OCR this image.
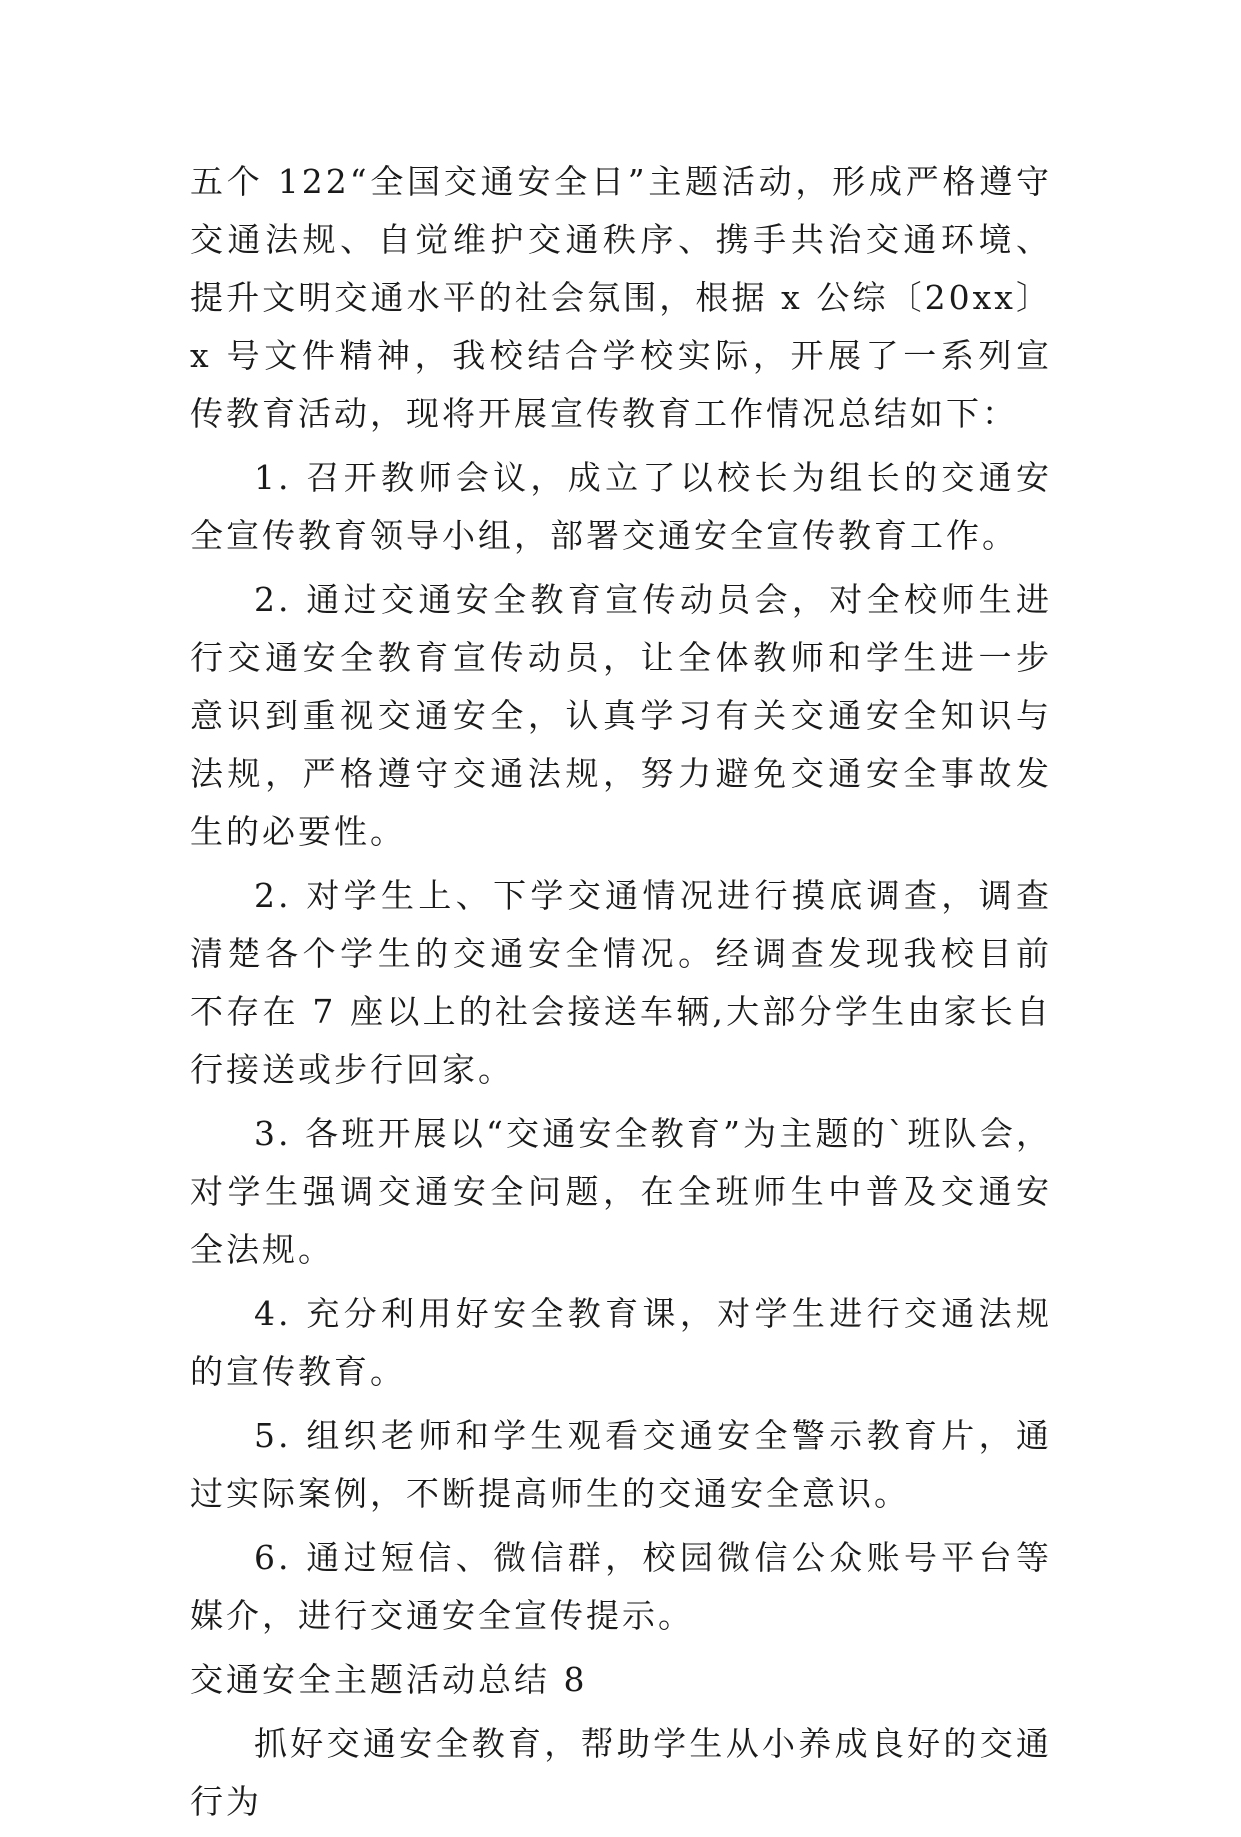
五个 122“全国交通安全日”主题活动，形成严格遵守交通法规、自觉维护交通秩序、携手共治交通环境、提升文明交通水平的社会氛围，根据 x 公综〔20xx〕x 号文件精神，我校结合学校实际，开展了一系列宣传教育活动，现将开展宣传教育工作情况总结如下：

1. 召开教师会议，成立了以校长为组长的交通安全宣传教育领导小组，部署交通安全宣传教育工作。

2. 通过交通安全教育宣传动员会，对全校师生进行交通安全教育宣传动员，让全体教师和学生进一步意识到重视交通安全，认真学习有关交通安全知识与法规，严格遵守交通法规，努力避免交通安全事故发生的必要性。

2. 对学生上、下学交通情况进行摸底调查，调查清楚各个学生的交通安全情况。经调查发现我校目前不存在 7 座以上的社会接送车辆,大部分学生由家长自行接送或步行回家。

3. 各班开展以“交通安全教育”为主题的`班队会，对学生强调交通安全问题，在全班师生中普及交通安全法规。

4. 充分利用好安全教育课，对学生进行交通法规的宣传教育。

5. 组织老师和学生观看交通安全警示教育片，通过实际案例，不断提高师生的交通安全意识。

6. 通过短信、微信群，校园微信公众账号平台等媒介，进行交通安全宣传提示。

交通安全主题活动总结 8

抓好交通安全教育，帮助学生从小养成良好的交通行为
